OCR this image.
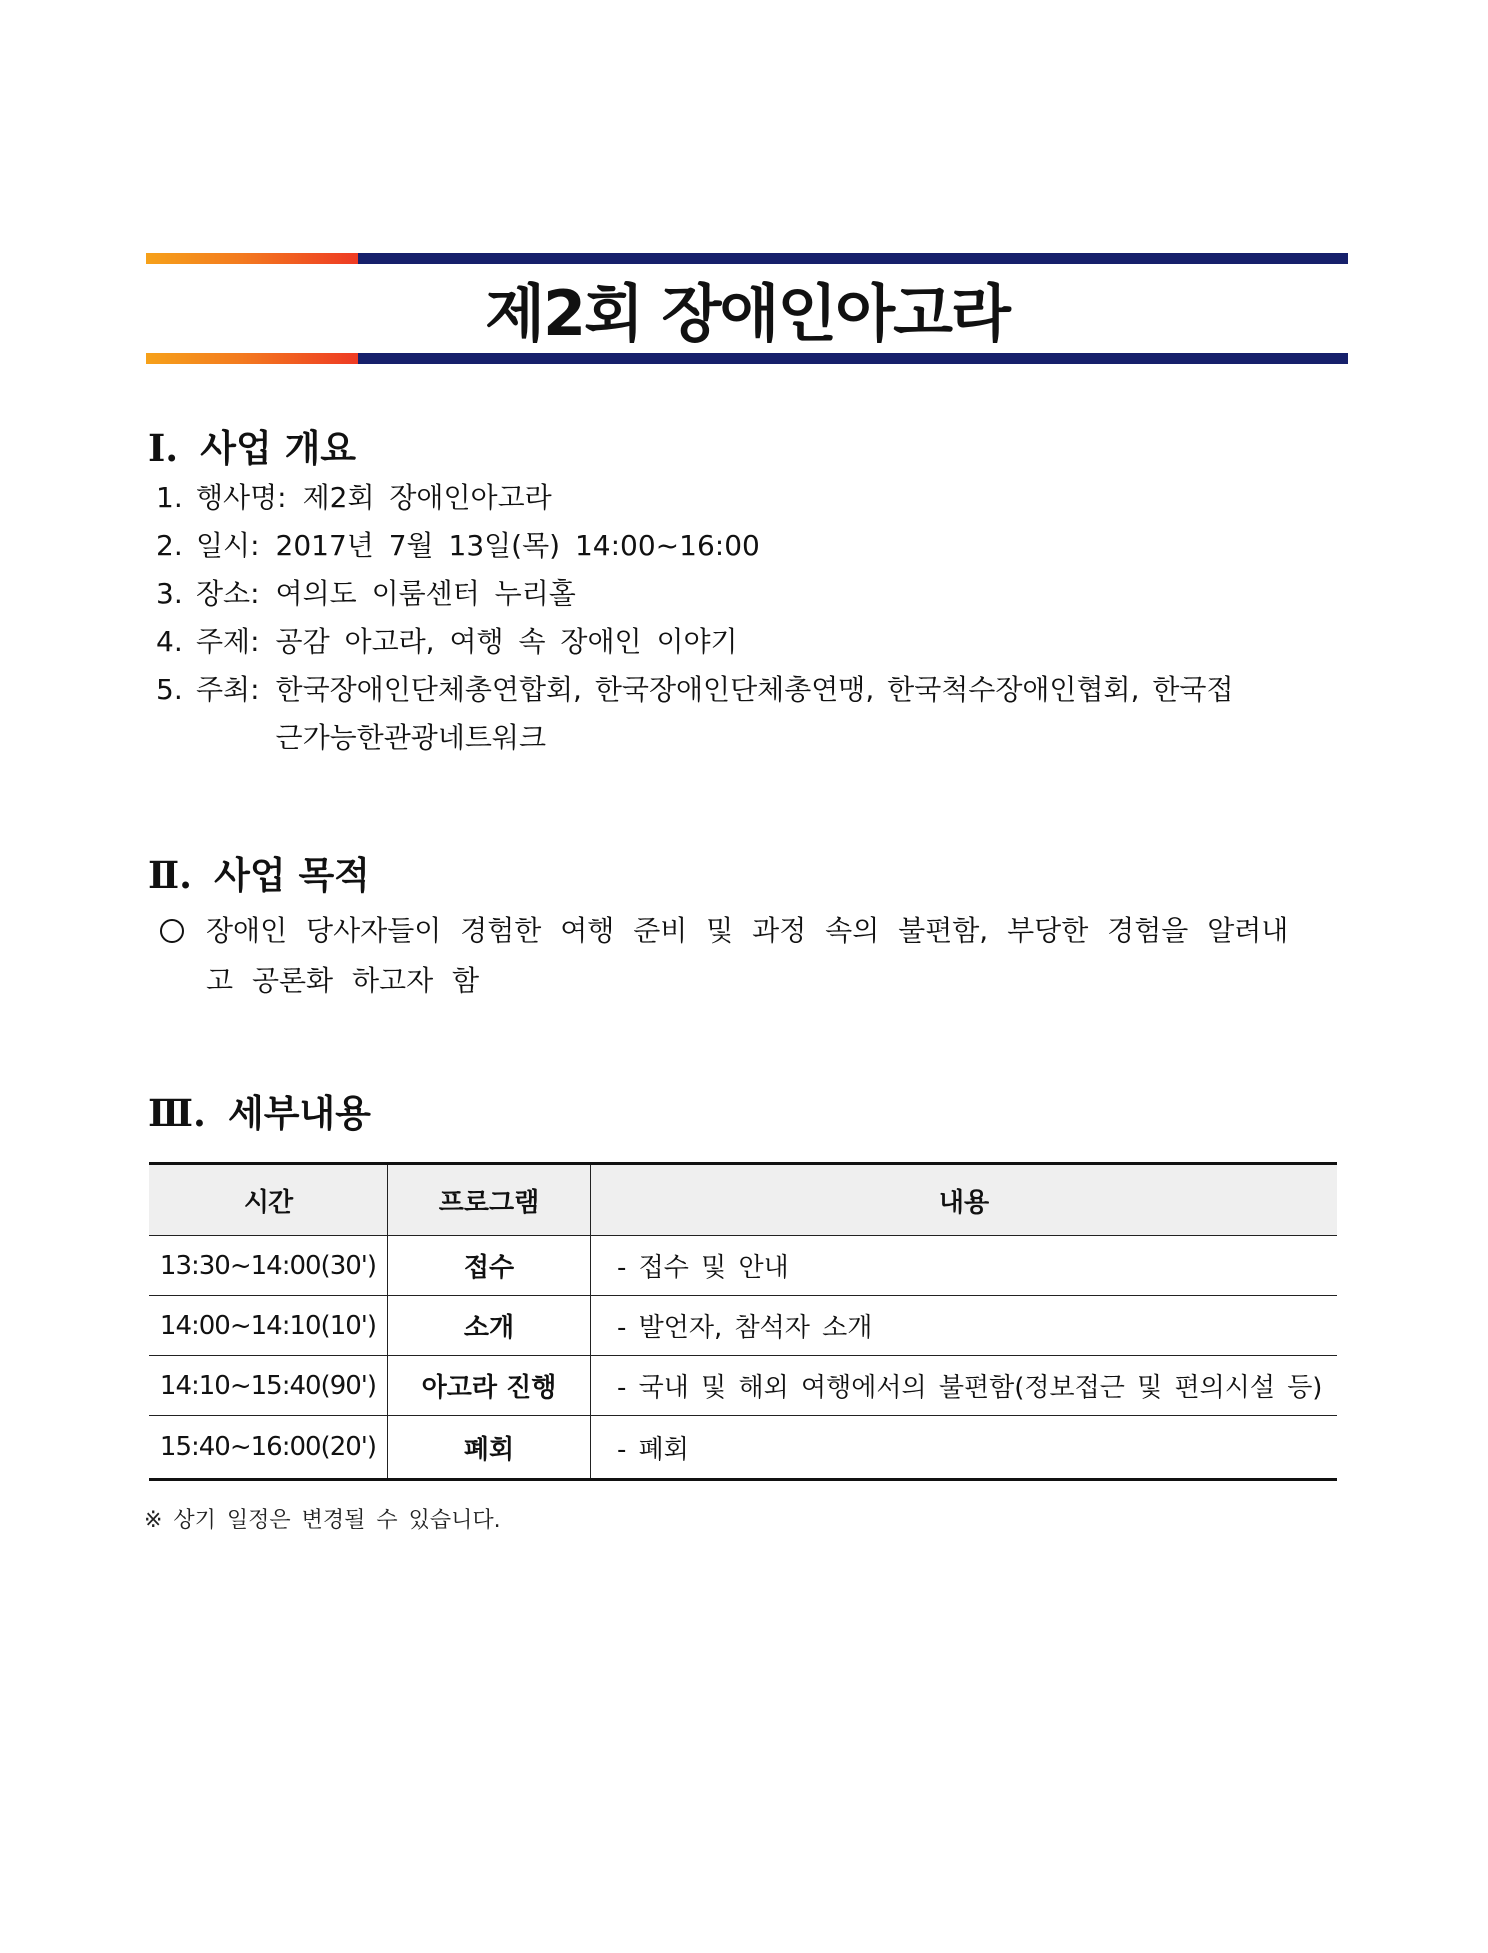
제2회 장애인아고라
Ⅰ. 사업 개요
1. 행사명: 제2회 장애인아고라
2. 일시: 2017년 7월 13일(목) 14:00~16:00
3. 장소: 여의도 이룸센터 누리홀
4. 주제: 공감 아고라, 여행 속 장애인 이야기
5. 주최: 한국장애인단체총연합회, 한국장애인단체총연맹, 한국척수장애인협회, 한국접
근가능한관광네트워크
Ⅱ. 사업 목적
장애인 당사자들이 경험한 여행 준비 및 과정 속의 불편함, 부당한 경험을 알려내
고 공론화 하고자 함
Ⅲ. 세부내용
시간	프로그램	내용
13:30~14:00(30')	접수	- 접수 및 안내
14:00~14:10(10')	소개	- 발언자, 참석자 소개
14:10~15:40(90')	아고라 진행	- 국내 및 해외 여행에서의 불편함(정보접근 및 편의시설 등)
15:40~16:00(20')	폐회	- 폐회
※ 상기 일정은 변경될 수 있습니다.
